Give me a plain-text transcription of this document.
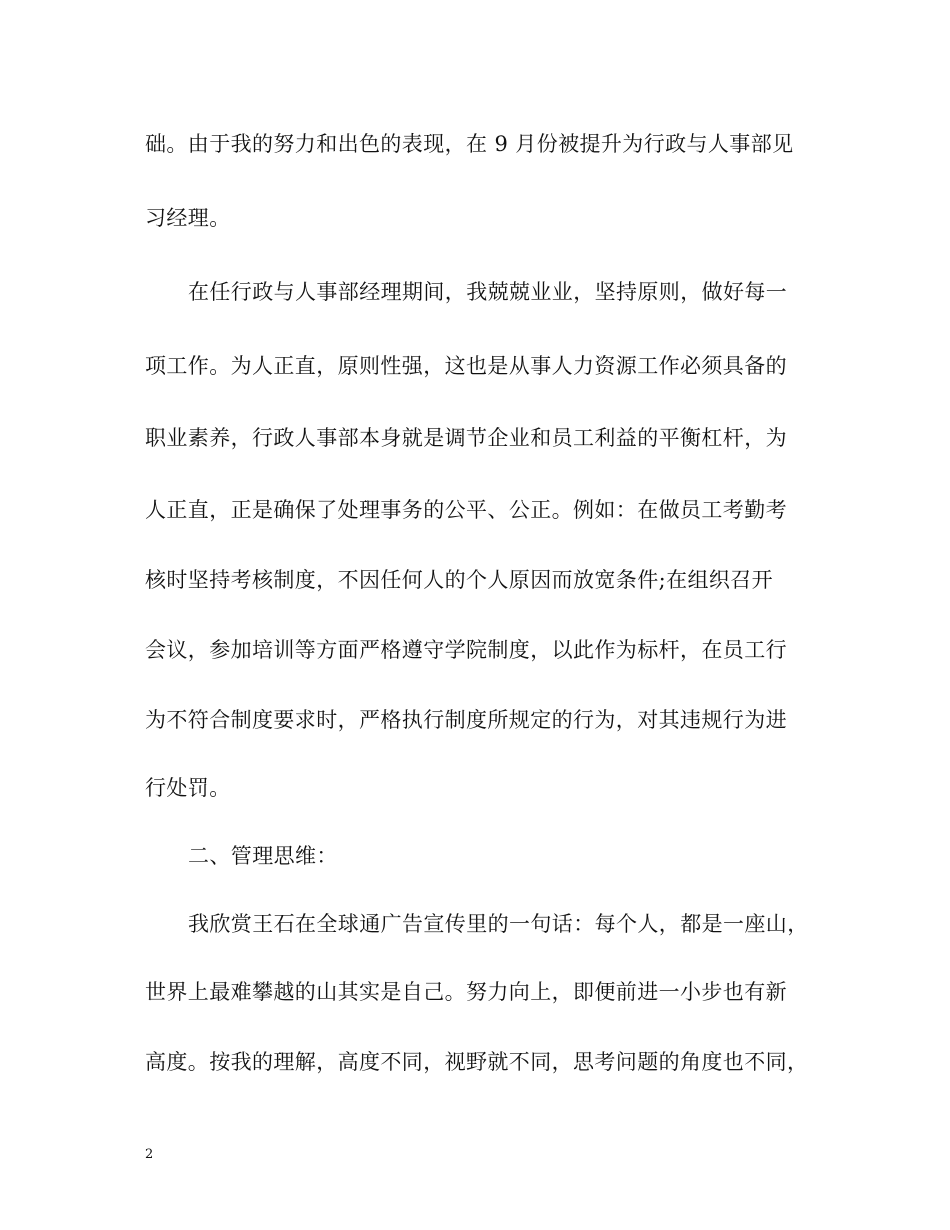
础。由于我的努力和出色的表现，在 9 月份被提升为行政与人事部见
习经理。
在任行政与人事部经理期间，我兢兢业业，坚持原则，做好每一
项工作。为人正直，原则性强，这也是从事人力资源工作必须具备的
职业素养，行政人事部本身就是调节企业和员工利益的平衡杠杆，为
人正直，正是确保了处理事务的公平、公正。例如：在做员工考勤考
核时坚持考核制度，不因任何人的个人原因而放宽条件;在组织召开
会议，参加培训等方面严格遵守学院制度，以此作为标杆，在员工行
为不符合制度要求时，严格执行制度所规定的行为，对其违规行为进
行处罚。
二、管理思维：
我欣赏王石在全球通广告宣传里的一句话：每个人，都是一座山，
世界上最难攀越的山其实是自己。努力向上，即便前进一小步也有新
高度。按我的理解，高度不同，视野就不同，思考问题的角度也不同，
2
